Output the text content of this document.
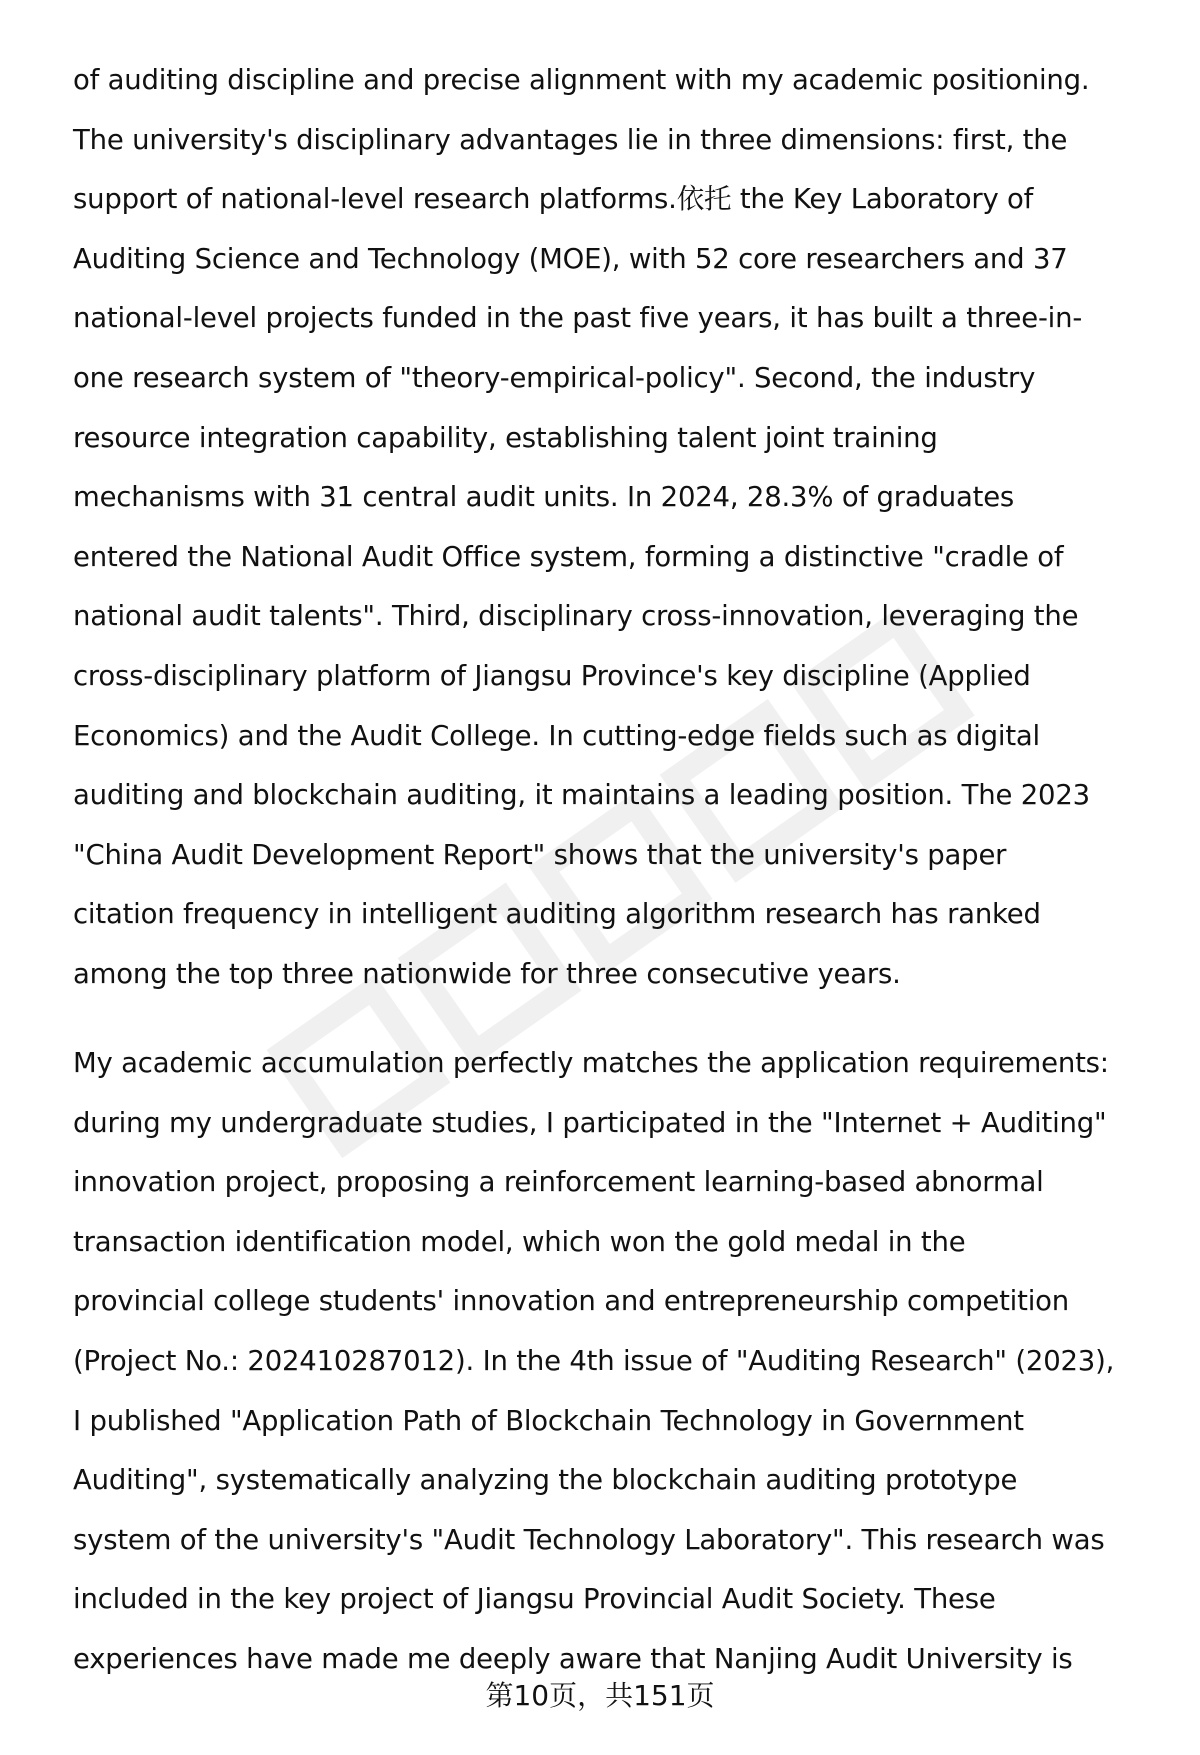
of auditing discipline and precise alignment with my academic positioning.
The university's disciplinary advantages lie in three dimensions: first, the
support of national-level research platforms.依托 the Key Laboratory of
Auditing Science and Technology (MOE), with 52 core researchers and 37
national-level projects funded in the past five years, it has built a three-in-
one research system of "theory-empirical-policy". Second, the industry
resource integration capability, establishing talent joint training
mechanisms with 31 central audit units. In 2024, 28.3% of graduates
entered the National Audit Office system, forming a distinctive "cradle of
national audit talents". Third, disciplinary cross-innovation, leveraging the
cross-disciplinary platform of Jiangsu Province's key discipline (Applied
Economics) and the Audit College. In cutting-edge fields such as digital
auditing and blockchain auditing, it maintains a leading position. The 2023
"China Audit Development Report" shows that the university's paper
citation frequency in intelligent auditing algorithm research has ranked
among the top three nationwide for three consecutive years.
My academic accumulation perfectly matches the application requirements:
during my undergraduate studies, I participated in the "Internet + Auditing"
innovation project, proposing a reinforcement learning-based abnormal
transaction identification model, which won the gold medal in the
provincial college students' innovation and entrepreneurship competition
(Project No.: 202410287012). In the 4th issue of "Auditing Research" (2023),
I published "Application Path of Blockchain Technology in Government
Auditing", systematically analyzing the blockchain auditing prototype
system of the university's "Audit Technology Laboratory". This research was
included in the key project of Jiangsu Provincial Audit Society. These
experiences have made me deeply aware that Nanjing Audit University is
第10页，共151页
